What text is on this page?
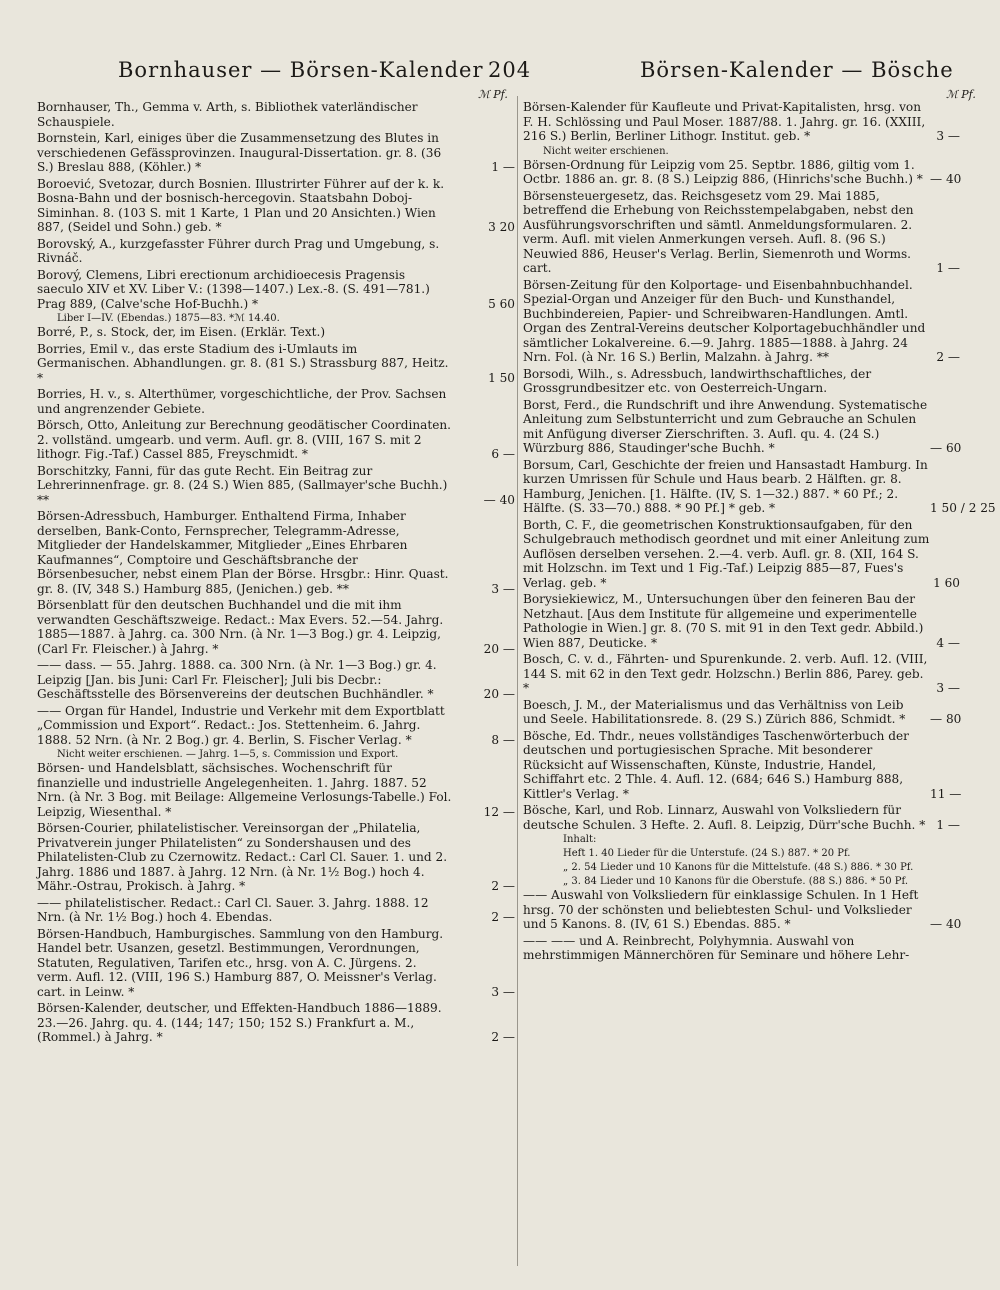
Bornhauser — Börsen-Kalender 204	Börsen-Kalender — Bösche
ℳ Pf.	ℳ Pf.
Bornhauser, Th., Gemma v. Arth, s. Bibliothek vaterländischer Schauspiele.
Bornstein, Karl, einiges über die Zusammensetzung des Blutes in verschiedenen Gefässprovinzen. Inaugural-Dissertation. gr. 8. (36 S.) Breslau 888, (Köhler.) *	1 —
Boroević, Svetozar, durch Bosnien. Illustrirter Führer auf der k. k. Bosna-Bahn und der bosnisch-hercegovin. Staatsbahn Doboj-Siminhan. 8. (103 S. mit 1 Karte, 1 Plan und 20 Ansichten.) Wien 887, (Seidel und Sohn.) geb. *	3 20
Borovský, A., kurzgefasster Führer durch Prag und Umgebung, s. Rivnáč.
Borový, Clemens, Libri erectionum archidioecesis Pragensis saeculo XIV et XV. Liber V.: (1398—1407.) Lex.-8. (S. 491—781.) Prag 889, (Calve'sche Hof-Buchh.) *	5 60
Liber I—IV. (Ebendas.) 1875—83. *ℳ 14.40.
Borré, P., s. Stock, der, im Eisen. (Erklär. Text.)
Borries, Emil v., das erste Stadium des i-Umlauts im Germanischen. Abhandlungen. gr. 8. (81 S.) Strassburg 887, Heitz. *	1 50
Borries, H. v., s. Alterthümer, vorgeschichtliche, der Prov. Sachsen und angrenzender Gebiete.
Börsch, Otto, Anleitung zur Berechnung geodätischer Coordinaten. 2. vollständ. umgearb. und verm. Aufl. gr. 8. (VIII, 167 S. mit 2 lithogr. Fig.-Taf.) Cassel 885, Freyschmidt. *	6 —
Borschitzky, Fanni, für das gute Recht. Ein Beitrag zur Lehrerinnenfrage. gr. 8. (24 S.) Wien 885, (Sallmayer'sche Buchh.) **	— 40
Börsen-Adressbuch, Hamburger. Enthaltend Firma, Inhaber derselben, Bank-Conto, Fernsprecher, Telegramm-Adresse, Mitglieder der Handelskammer, Mitglieder „Eines Ehrbaren Kaufmannes“, Comptoire und Geschäftsbranche der Börsenbesucher, nebst einem Plan der Börse. Hrsgbr.: Hinr. Quast. gr. 8. (IV, 348 S.) Hamburg 885, (Jenichen.) geb. **	3 —
Börsenblatt für den deutschen Buchhandel und die mit ihm verwandten Geschäftszweige. Redact.: Max Evers. 52.—54. Jahrg. 1885—1887. à Jahrg. ca. 300 Nrn. (à Nr. 1—3 Bog.) gr. 4. Leipzig, (Carl Fr. Fleischer.) à Jahrg. *	20 —
—— dass. — 55. Jahrg. 1888. ca. 300 Nrn. (à Nr. 1—3 Bog.) gr. 4. Leipzig [Jan. bis Juni: Carl Fr. Fleischer]; Juli bis Decbr.: Geschäftsstelle des Börsenvereins der deutschen Buchhändler. *	20 —
—— Organ für Handel, Industrie und Verkehr mit dem Exportblatt „Commission und Export“. Redact.: Jos. Stettenheim. 6. Jahrg. 1888. 52 Nrn. (à Nr. 2 Bog.) gr. 4. Berlin, S. Fischer Verlag. *	8 —
Nicht weiter erschienen. — Jahrg. 1—5, s. Commission und Export.
Börsen- und Handelsblatt, sächsisches. Wochenschrift für finanzielle und industrielle Angelegenheiten. 1. Jahrg. 1887. 52 Nrn. (à Nr. 3 Bog. mit Beilage: Allgemeine Verlosungs-Tabelle.) Fol. Leipzig, Wiesenthal. *	12 —
Börsen-Courier, philatelistischer. Vereinsorgan der „Philatelia, Privatverein junger Philatelisten“ zu Sondershausen und des Philatelisten-Club zu Czernowitz. Redact.: Carl Cl. Sauer. 1. und 2. Jahrg. 1886 und 1887. à Jahrg. 12 Nrn. (à Nr. 1½ Bog.) hoch 4. Mähr.-Ostrau, Prokisch. à Jahrg. *	2 —
—— philatelistischer. Redact.: Carl Cl. Sauer. 3. Jahrg. 1888. 12 Nrn. (à Nr. 1½ Bog.) hoch 4. Ebendas.	2 —
Börsen-Handbuch, Hamburgisches. Sammlung von den Hamburg. Handel betr. Usanzen, gesetzl. Bestimmungen, Verordnungen, Statuten, Regulativen, Tarifen etc., hrsg. von A. C. Jürgens. 2. verm. Aufl. 12. (VIII, 196 S.) Hamburg 887, O. Meissner's Verlag. cart. in Leinw. *	3 —
Börsen-Kalender, deutscher, und Effekten-Handbuch 1886—1889. 23.—26. Jahrg. qu. 4. (144; 147; 150; 152 S.) Frankfurt a. M., (Rommel.) à Jahrg. *	2 —
Börsen-Kalender für Kaufleute und Privat-Kapitalisten, hrsg. von F. H. Schlössing und Paul Moser. 1887/88. 1. Jahrg. gr. 16. (XXIII, 216 S.) Berlin, Berliner Lithogr. Institut. geb. *	3 —
Nicht weiter erschienen.
Börsen-Ordnung für Leipzig vom 25. Septbr. 1886, giltig vom 1. Octbr. 1886 an. gr. 8. (8 S.) Leipzig 886, (Hinrichs'sche Buchh.) * — 40
Börsensteuergesetz, das. Reichsgesetz vom 29. Mai 1885, betreffend die Erhebung von Reichsstempelabgaben, nebst den Ausführungsvorschriften und sämtl. Anmeldungsformularen. 2. verm. Aufl. mit vielen Anmerkungen verseh. Aufl. 8. (96 S.) Neuwied 886, Heuser's Verlag. Berlin, Siemenroth und Worms. cart.	1 —
Börsen-Zeitung für den Kolportage- und Eisenbahnbuchhandel. Spezial-Organ und Anzeiger für den Buch- und Kunsthandel, Buchbindereien, Papier- und Schreibwaren-Handlungen. Amtl. Organ des Zentral-Vereins deutscher Kolportagebuchhändler und sämtlicher Lokalvereine. 6.—9. Jahrg. 1885—1888. à Jahrg. 24 Nrn. Fol. (à Nr. 16 S.) Berlin, Malzahn. à Jahrg. **	2 —
Borsodi, Wilh., s. Adressbuch, landwirthschaftliches, der Grossgrundbesitzer etc. von Oesterreich-Ungarn.
Borst, Ferd., die Rundschrift und ihre Anwendung. Systematische Anleitung zum Selbstunterricht und zum Gebrauche an Schulen mit Anfügung diverser Zierschriften. 3. Aufl. qu. 4. (24 S.) Würzburg 886, Staudinger'sche Buchh. *	— 60
Borsum, Carl, Geschichte der freien und Hansastadt Hamburg. In kurzen Umrissen für Schule und Haus bearb. 2 Hälften. gr. 8. Hamburg, Jenichen. [1. Hälfte. (IV, S. 1—32.) 887. * 60 Pf.; 2. Hälfte. (S. 33—70.) 888. * 90 Pf.] * geb. *	1 50 / 2 25
Borth, C. F., die geometrischen Konstruktionsaufgaben, für den Schulgebrauch methodisch geordnet und mit einer Anleitung zum Auflösen derselben versehen. 2.—4. verb. Aufl. gr. 8. (XII, 164 S. mit Holzschn. im Text und 1 Fig.-Taf.) Leipzig 885—87, Fues's Verlag. geb. *	1 60
Borysiekiewicz, M., Untersuchungen über den feineren Bau der Netzhaut. [Aus dem Institute für allgemeine und experimentelle Pathologie in Wien.] gr. 8. (70 S. mit 91 in den Text gedr. Abbild.) Wien 887, Deuticke. *	4 —
Bosch, C. v. d., Fährten- und Spurenkunde. 2. verb. Aufl. 12. (VIII, 144 S. mit 62 in den Text gedr. Holzschn.) Berlin 886, Parey. geb. *	3 —
Boesch, J. M., der Materialismus und das Verhältniss von Leib und Seele. Habilitationsrede. 8. (29 S.) Zürich 886, Schmidt. *	— 80
Bösche, Ed. Thdr., neues vollständiges Taschenwörterbuch der deutschen und portugiesischen Sprache. Mit besonderer Rücksicht auf Wissenschaften, Künste, Industrie, Handel, Schiffahrt etc. 2 Thle. 4. Aufl. 12. (684; 646 S.) Hamburg 888, Kittler's Verlag. *	11 —
Bösche, Karl, und Rob. Linnarz, Auswahl von Volksliedern für deutsche Schulen. 3 Hefte. 2. Aufl. 8. Leipzig, Dürr'sche Buchh. * 1 —
Inhalt:
Heft 1. 40 Lieder für die Unterstufe. (24 S.) 887. * 20 Pf.
„ 2. 54 Lieder und 10 Kanons für die Mittelstufe. (48 S.) 886. * 30 Pf.
„ 3. 84 Lieder und 10 Kanons für die Oberstufe. (88 S.) 886. * 50 Pf.
—— Auswahl von Volksliedern für einklassige Schulen. In 1 Heft hrsg. 70 der schönsten und beliebtesten Schul- und Volkslieder und 5 Kanons. 8. (IV, 61 S.) Ebendas. 885. *	— 40
—— —— und A. Reinbrecht, Polyhymnia. Auswahl von mehrstimmigen Männerchören für Seminare und höhere Lehr-
